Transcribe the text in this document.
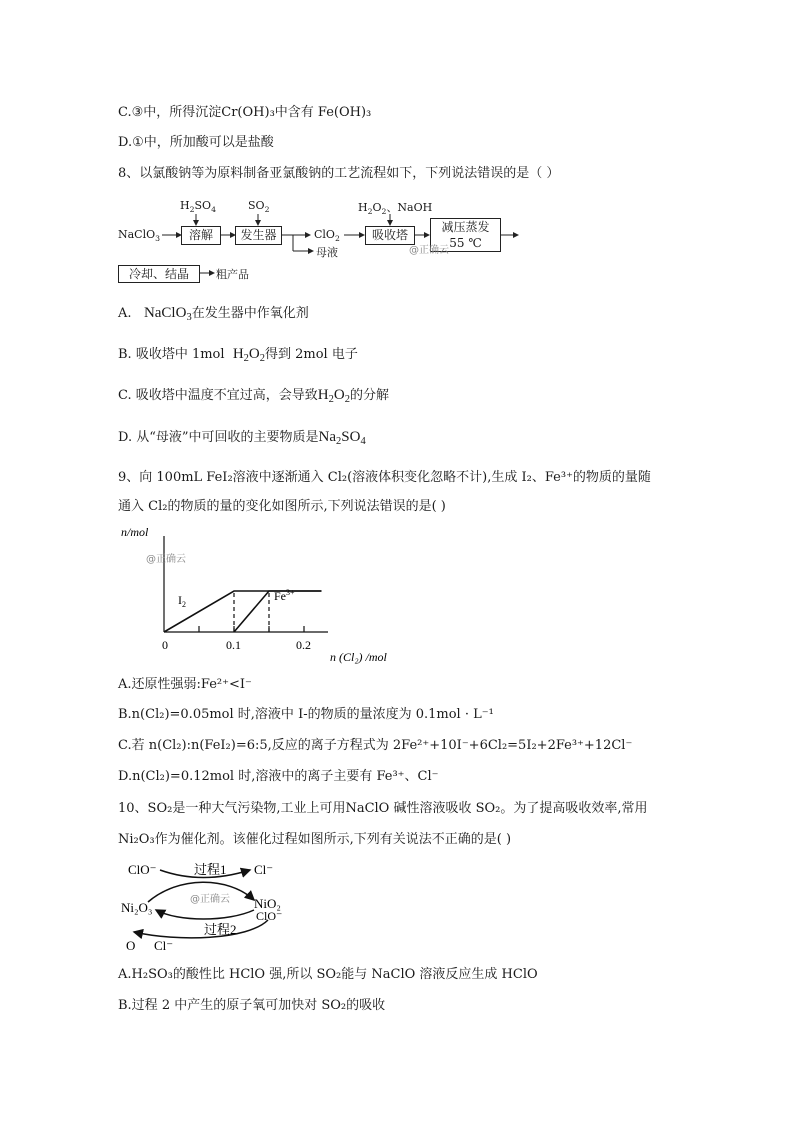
C.③中，所得沉淀Cr(OH)₃中含有 Fe(OH)₃
D.①中，所加酸可以是盐酸
8、以氯酸钠等为原料制备亚氯酸钠的工艺流程如下，下列说法错误的是（ ）
NaClO$_3$
$H_2SO_4$
溶解
$SO_2$
发生器	ClO$_2$
母液
$H_2O_2$、NaOH
吸收塔
减压蒸发
55 ℃
@正确云
冷却、结晶	粗产品
A. NaClO$_3$在发生器中作氧化剂
B. 吸收塔中 1mol $H_2O_2$得到 2mol 电子
C. 吸收塔中温度不宜过高，会导致$H_2O_2$的分解
D. 从“母液”中可回收的主要物质是$Na_2SO_4$
9、向 100mL FeI₂溶液中逐渐通入 Cl₂(溶液体积变化忽略不计),生成 I₂、Fe³⁺的物质的量随
通入 Cl₂的物质的量的变化如图所示,下列说法错误的是( )
n/mol
@正确云
0	0.1	0.2
$I_2$
$Fe^{3+}$
n (Cl₂) /mol
A.还原性强弱:Fe²⁺<I⁻
B.n(Cl₂)=0.05mol 时,溶液中 I-的物质的量浓度为 0.1mol · L⁻¹
C.若 n(Cl₂):n(FeI₂)=6:5,反应的离子方程式为 2Fe²⁺+10I⁻+6Cl₂=5I₂+2Fe³⁺+12Cl⁻
D.n(Cl₂)=0.12mol 时,溶液中的离子主要有 Fe³⁺、Cl⁻
10、SO₂是一种大气污染物,工业上可用NaClO 碱性溶液吸收 SO₂。为了提高吸收效率,常用
Ni₂O₃作为催化剂。该催化过程如图所示,下列有关说法不正确的是( )
ClO⁻	Cl⁻
过程1
Ni₂O₃	NiO₂
ClO⁻
@正确云
过程2
O Cl⁻
A.H₂SO₃的酸性比 HClO 强,所以 SO₂能与 NaClO 溶液反应生成 HClO
B.过程 2 中产生的原子氧可加快对 SO₂的吸收
